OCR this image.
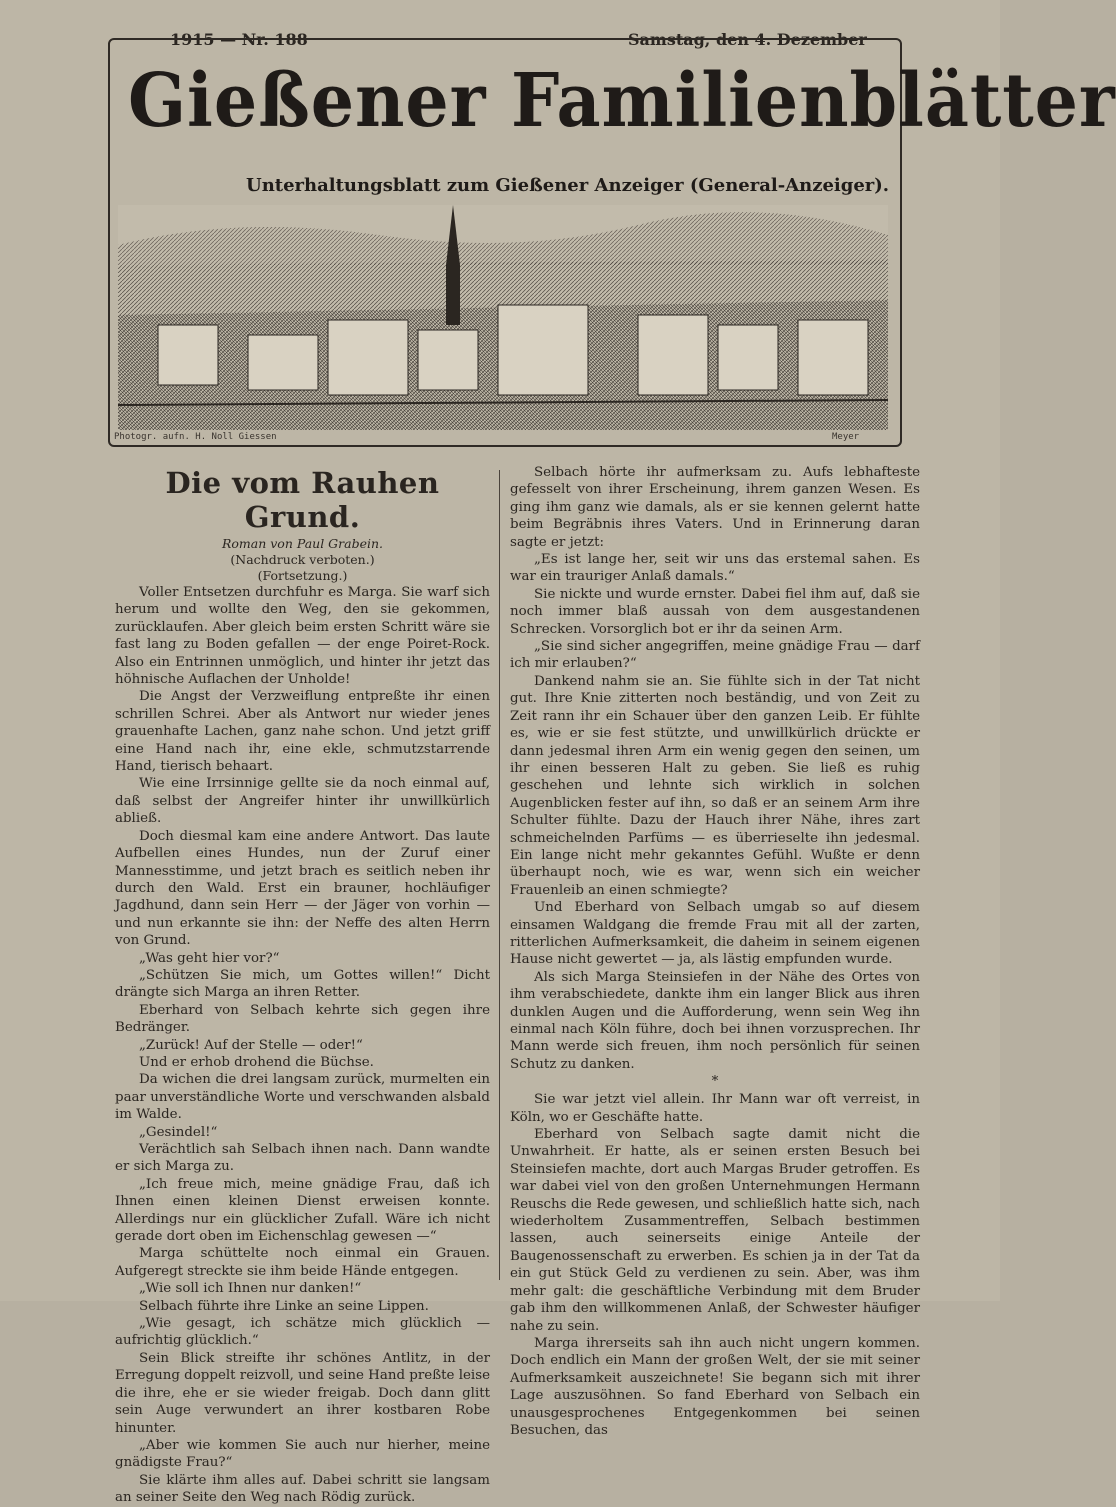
1915 — Nr. 188	Samstag, den 4. Dezember
Gießener Familienblätter
Unterhaltungsblatt zum Gießener Anzeiger (General-Anzeiger).
Photogr. aufn. H. Noll Giessen	Meyer
Die vom Rauhen Grund.
Roman von Paul Grabein.
(Nachdruck verboten.)
(Fortsetzung.)

Voller Entsetzen durchfuhr es Marga. Sie warf sich herum und wollte den Weg, den sie gekommen, zurücklaufen. Aber gleich beim ersten Schritt wäre sie fast lang zu Boden gefallen — der enge Poiret-Rock. Also ein Entrinnen unmöglich, und hinter ihr jetzt das höhnische Auflachen der Unholde!

Die Angst der Verzweiflung entpreßte ihr einen schrillen Schrei. Aber als Antwort nur wieder jenes grauenhafte Lachen, ganz nahe schon. Und jetzt griff eine Hand nach ihr, eine ekle, schmutzstarrende Hand, tierisch behaart.

Wie eine Irrsinnige gellte sie da noch einmal auf, daß selbst der Angreifer hinter ihr unwillkürlich abließ.

Doch diesmal kam eine andere Antwort. Das laute Aufbellen eines Hundes, nun der Zuruf einer Mannesstimme, und jetzt brach es seitlich neben ihr durch den Wald. Erst ein brauner, hochläufiger Jagdhund, dann sein Herr — der Jäger von vorhin — und nun erkannte sie ihn: der Neffe des alten Herrn von Grund.

„Was geht hier vor?“

„Schützen Sie mich, um Gottes willen!“ Dicht drängte sich Marga an ihren Retter.

Eberhard von Selbach kehrte sich gegen ihre Bedränger.

„Zurück! Auf der Stelle — oder!“

Und er erhob drohend die Büchse.

Da wichen die drei langsam zurück, murmelten ein paar unverständliche Worte und verschwanden alsbald im Walde.

„Gesindel!“

Verächtlich sah Selbach ihnen nach. Dann wandte er sich Marga zu.

„Ich freue mich, meine gnädige Frau, daß ich Ihnen einen kleinen Dienst erweisen konnte. Allerdings nur ein glücklicher Zufall. Wäre ich nicht gerade dort oben im Eichenschlag gewesen —“

Marga schüttelte noch einmal ein Grauen. Aufgeregt streckte sie ihm beide Hände entgegen.

„Wie soll ich Ihnen nur danken!“

Selbach führte ihre Linke an seine Lippen.

„Wie gesagt, ich schätze mich glücklich — aufrichtig glücklich.“

Sein Blick streifte ihr schönes Antlitz, in der Erregung doppelt reizvoll, und seine Hand preßte leise die ihre, ehe er sie wieder freigab. Doch dann glitt sein Auge verwundert an ihrer kostbaren Robe hinunter.

„Aber wie kommen Sie auch nur hierher, meine gnädigste Frau?“

Sie klärte ihm alles auf. Dabei schritt sie langsam an seiner Seite den Weg nach Rödig zurück.

Selbach hörte ihr aufmerksam zu. Aufs lebhafteste gefesselt von ihrer Erscheinung, ihrem ganzen Wesen. Es ging ihm ganz wie damals, als er sie kennen gelernt hatte beim Begräbnis ihres Vaters. Und in Erinnerung daran sagte er jetzt:

„Es ist lange her, seit wir uns das erstemal sahen. Es war ein trauriger Anlaß damals.“

Sie nickte und wurde ernster. Dabei fiel ihm auf, daß sie noch immer blaß aussah von dem ausgestandenen Schrecken. Vorsorglich bot er ihr da seinen Arm.

„Sie sind sicher angegriffen, meine gnädige Frau — darf ich mir erlauben?“

Dankend nahm sie an. Sie fühlte sich in der Tat nicht gut. Ihre Knie zitterten noch beständig, und von Zeit zu Zeit rann ihr ein Schauer über den ganzen Leib. Er fühlte es, wie er sie fest stützte, und unwillkürlich drückte er dann jedesmal ihren Arm ein wenig gegen den seinen, um ihr einen besseren Halt zu geben. Sie ließ es ruhig geschehen und lehnte sich wirklich in solchen Augenblicken fester auf ihn, so daß er an seinem Arm ihre Schulter fühlte. Dazu der Hauch ihrer Nähe, ihres zart schmeichelnden Parfüms — es überrieselte ihn jedesmal. Ein lange nicht mehr gekanntes Gefühl. Wußte er denn überhaupt noch, wie es war, wenn sich ein weicher Frauenleib an einen schmiegte?

Und Eberhard von Selbach umgab so auf diesem einsamen Waldgang die fremde Frau mit all der zarten, ritterlichen Aufmerksamkeit, die daheim in seinem eigenen Hause nicht gewertet — ja, als lästig empfunden wurde.

Als sich Marga Steinsiefen in der Nähe des Ortes von ihm verabschiedete, dankte ihm ein langer Blick aus ihren dunklen Augen und die Aufforderung, wenn sein Weg ihn einmal nach Köln führe, doch bei ihnen vorzusprechen. Ihr Mann werde sich freuen, ihm noch persönlich für seinen Schutz zu danken.

*

Sie war jetzt viel allein. Ihr Mann war oft verreist, in Köln, wo er Geschäfte hatte.

Eberhard von Selbach sagte damit nicht die Unwahrheit. Er hatte, als er seinen ersten Besuch bei Steinsiefen machte, dort auch Margas Bruder getroffen. Es war dabei viel von den großen Unternehmungen Hermann Reuschs die Rede gewesen, und schließlich hatte sich, nach wiederholtem Zusammentreffen, Selbach bestimmen lassen, auch seinerseits einige Anteile der Baugenossenschaft zu erwerben. Es schien ja in der Tat da ein gut Stück Geld zu verdienen zu sein. Aber, was ihm mehr galt: die geschäftliche Verbindung mit dem Bruder gab ihm den willkommenen Anlaß, der Schwester häufiger nahe zu sein.

Marga ihrerseits sah ihn auch nicht ungern kommen. Doch endlich ein Mann der großen Welt, der sie mit seiner Aufmerksamkeit auszeichnete! Sie begann sich mit ihrer Lage auszusöhnen. So fand Eberhard von Selbach ein unausgesprochenes Entgegenkommen bei seinen Besuchen, das
